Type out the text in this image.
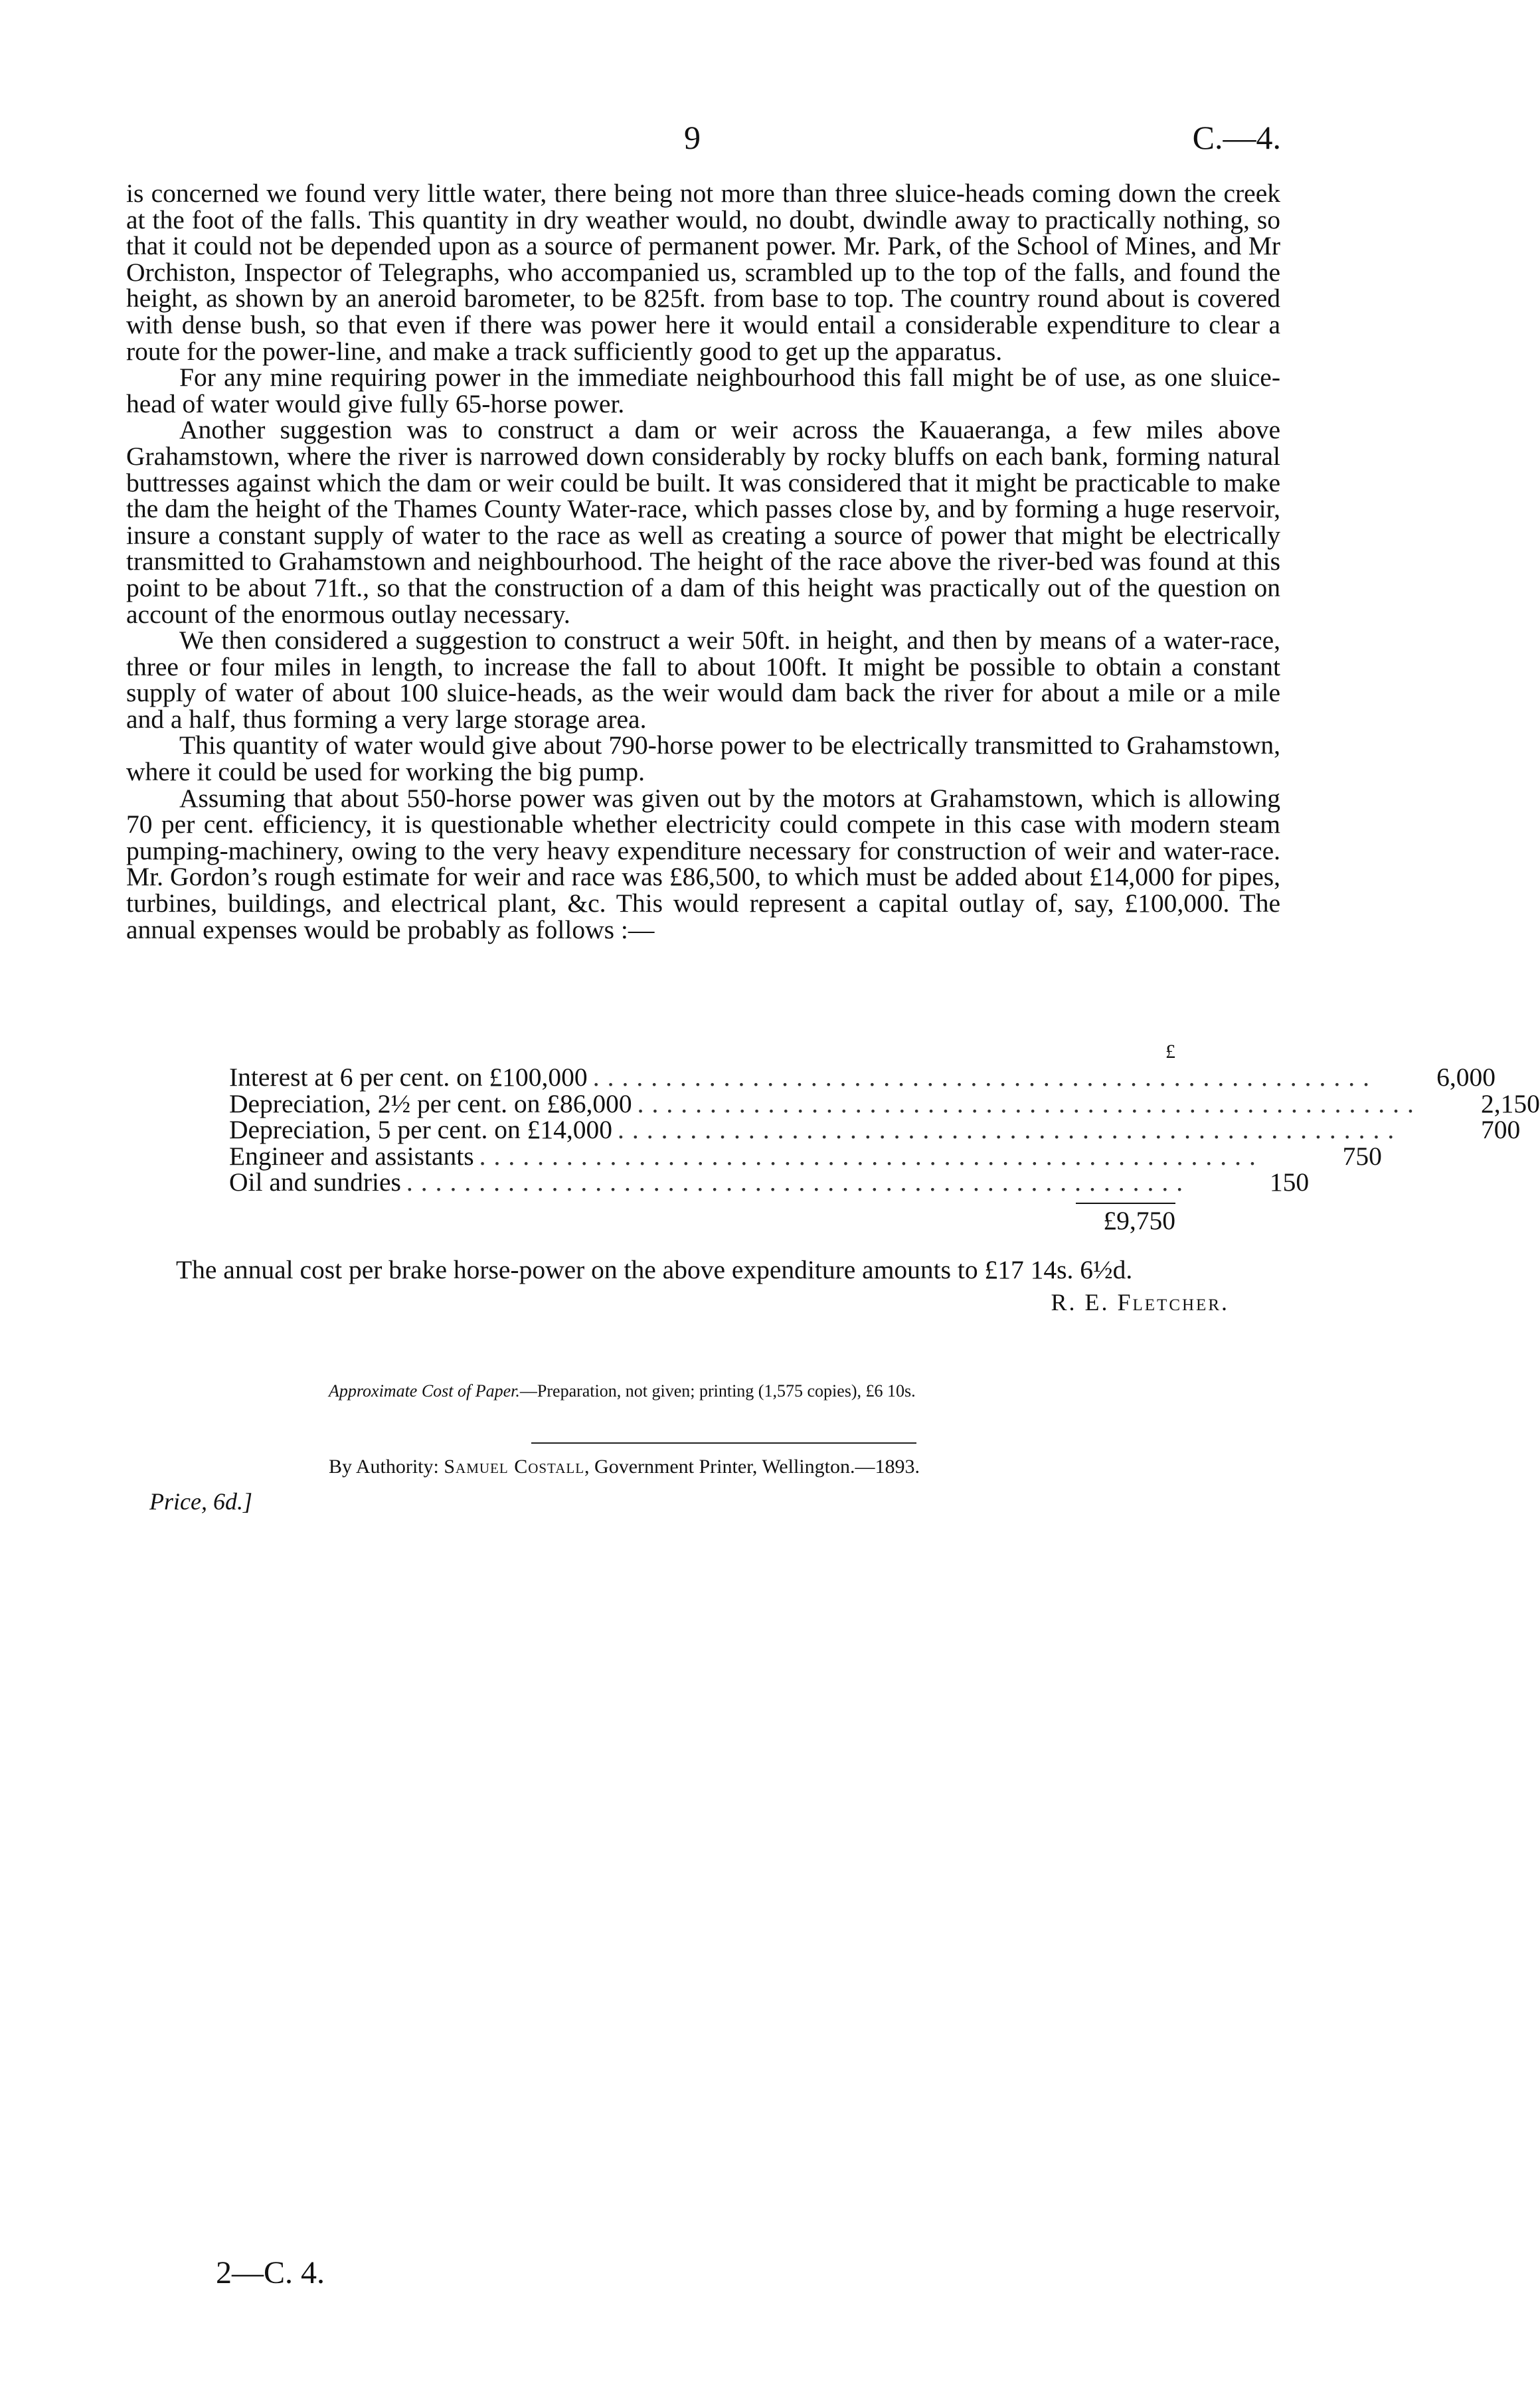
9	C.—4.

is concerned we found very little water, there being not more than three sluice-heads coming down the creek at the foot of the falls. This quantity in dry weather would, no doubt, dwindle away to practically nothing, so that it could not be depended upon as a source of permanent power. Mr. Park, of the School of Mines, and Mr Orchiston, Inspector of Telegraphs, who accompanied us, scrambled up to the top of the falls, and found the height, as shown by an aneroid barometer, to be 825ft. from base to top. The country round about is covered with dense bush, so that even if there was power here it would entail a considerable expenditure to clear a route for the power-line, and make a track sufficiently good to get up the apparatus.

For any mine requiring power in the immediate neighbourhood this fall might be of use, as one sluice-head of water would give fully 65-horse power.

Another suggestion was to construct a dam or weir across the Kauaeranga, a few miles above Grahamstown, where the river is narrowed down considerably by rocky bluffs on each bank, forming natural buttresses against which the dam or weir could be built. It was considered that it might be practicable to make the dam the height of the Thames County Water-race, which passes close by, and by forming a huge reservoir, insure a constant supply of water to the race as well as creating a source of power that might be electrically transmitted to Grahamstown and neighbourhood. The height of the race above the river-bed was found at this point to be about 71ft., so that the construction of a dam of this height was practically out of the question on account of the enormous outlay necessary.

We then considered a suggestion to construct a weir 50ft. in height, and then by means of a water-race, three or four miles in length, to increase the fall to about 100ft. It might be possible to obtain a constant supply of water of about 100 sluice-heads, as the weir would dam back the river for about a mile or a mile and a half, thus forming a very large storage area.

This quantity of water would give about 790-horse power to be electrically transmitted to Grahamstown, where it could be used for working the big pump.

Assuming that about 550-horse power was given out by the motors at Grahamstown, which is allowing 70 per cent. efficiency, it is questionable whether electricity could compete in this case with modern steam pumping-machinery, owing to the very heavy expenditure necessary for construction of weir and water-race. Mr. Gordon’s rough estimate for weir and race was £86,500, to which must be added about £14,000 for pipes, turbines, buildings, and electrical plant, &c. This would represent a capital outlay of, say, £100,000. The annual expenses would be probably as follows :—

£
Interest at 6 per cent. on £100,000 ......................................................	6,000
Depreciation, 2½ per cent. on £86,000 ......................................................	2,150
Depreciation, 5 per cent. on £14,000 ......................................................	700
Engineer and assistants ......................................................	750
Oil and sundries ......................................................	150
£9,750
The annual cost per brake horse-power on the above expenditure amounts to £17 14s. 6½d.
R. E. Fletcher.
Approximate Cost of Paper.—Preparation, not given; printing (1,575 copies), £6 10s.
By Authority: Samuel Costall, Government Printer, Wellington.—1893.
Price, 6d.]
2—C. 4.
